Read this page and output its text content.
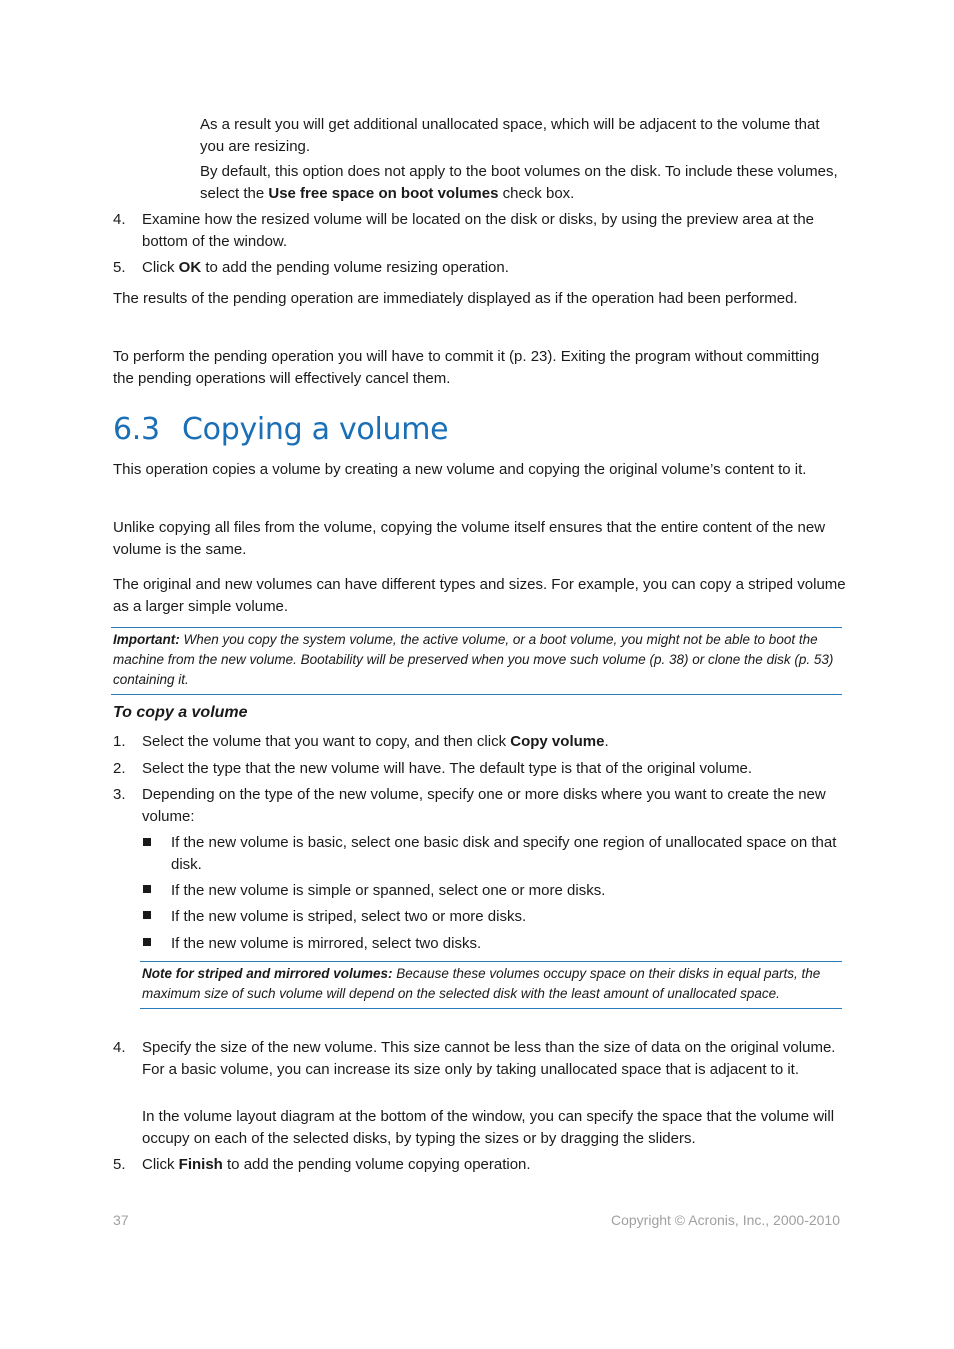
As a result you will get additional unallocated space, which will be adjacent to the volume that you are resizing.

By default, this option does not apply to the boot volumes on the disk. To include these volumes, select the Use free space on boot volumes check box.

4.	Examine how the resized volume will be located on the disk or disks, by using the preview area at the bottom of the window.

5.	Click OK to add the pending volume resizing operation.

The results of the pending operation are immediately displayed as if the operation had been performed.

To perform the pending operation you will have to commit it (p. 23). Exiting the program without committing the pending operations will effectively cancel them.

6.3 Copying a volume

This operation copies a volume by creating a new volume and copying the original volume’s content to it.

Unlike copying all files from the volume, copying the volume itself ensures that the entire content of the new volume is the same.

The original and new volumes can have different types and sizes. For example, you can copy a striped volume as a larger simple volume.

Important: When you copy the system volume, the active volume, or a boot volume, you might not be able to boot the machine from the new volume. Bootability will be preserved when you move such volume (p. 38) or clone the disk (p. 53) containing it.
To copy a volume
1.	Select the volume that you want to copy, and then click Copy volume.

2.	Select the type that the new volume will have. The default type is that of the original volume.

3.	Depending on the type of the new volume, specify one or more disks where you want to create the new volume:

If the new volume is basic, select one basic disk and specify one region of unallocated space on that disk.

If the new volume is simple or spanned, select one or more disks.

If the new volume is striped, select two or more disks.

If the new volume is mirrored, select two disks.

Note for striped and mirrored volumes: Because these volumes occupy space on their disks in equal parts, the maximum size of such volume will depend on the selected disk with the least amount of unallocated space.
4.	Specify the size of the new volume. This size cannot be less than the size of data on the original volume. For a basic volume, you can increase its size only by taking unallocated space that is adjacent to it.

In the volume layout diagram at the bottom of the window, you can specify the space that the volume will occupy on each of the selected disks, by typing the sizes or by dragging the sliders.

5.	Click Finish to add the pending volume copying operation.

37	Copyright © Acronis, Inc., 2000-2010
